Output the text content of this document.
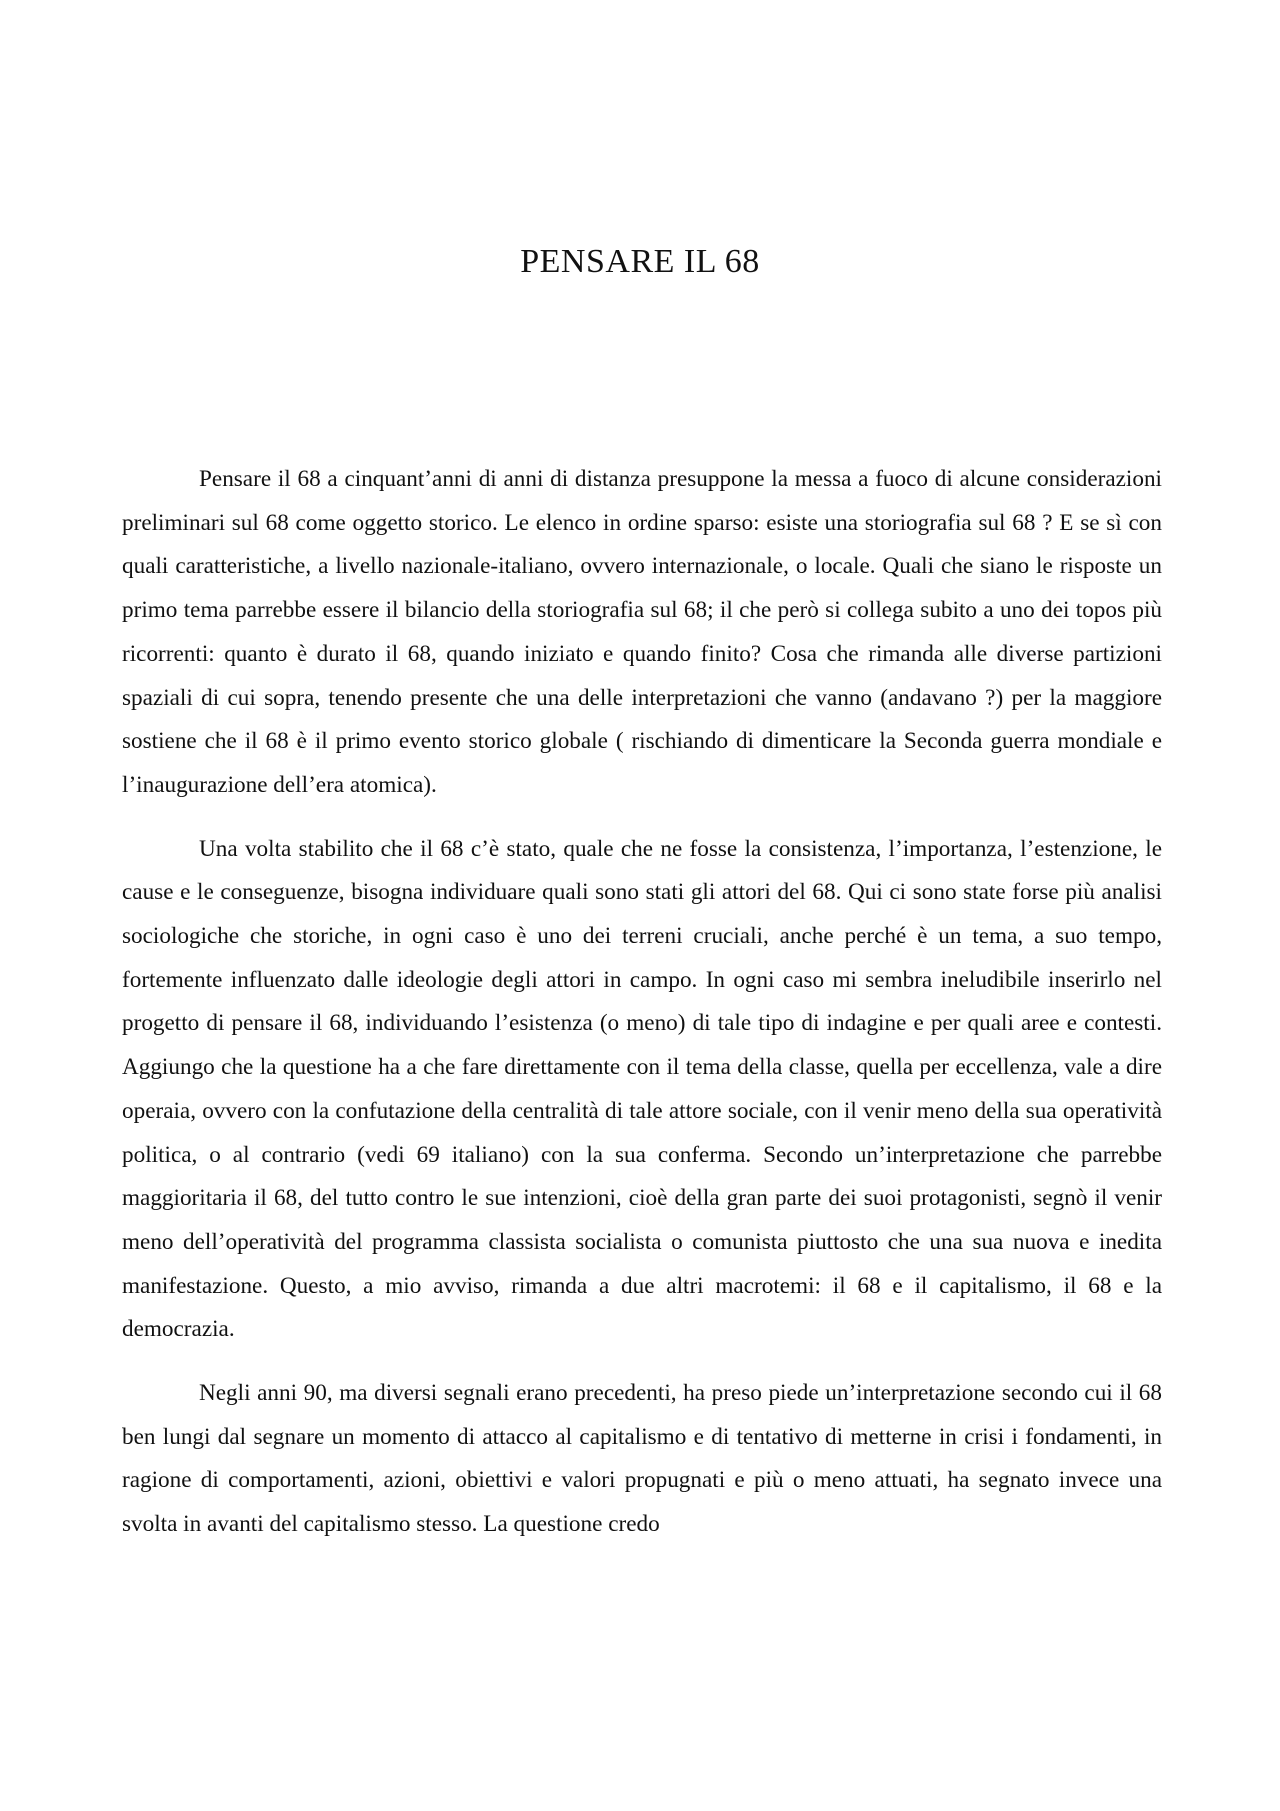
PENSARE IL 68

Pensare il 68 a cinquant’anni di anni di distanza presuppone la messa a fuoco di alcune considerazioni preliminari sul 68 come oggetto storico. Le elenco in ordine sparso: esiste una storiografia sul 68 ? E se sì con quali caratteristiche, a livello nazionale-italiano, ovvero internazionale, o locale. Quali che siano le risposte un primo tema parrebbe essere il bilancio della storiografia sul 68; il che però si collega subito a uno dei topos più ricorrenti: quanto è durato il 68, quando iniziato e quando finito? Cosa che rimanda alle diverse partizioni spaziali di cui sopra, tenendo presente che una delle interpretazioni che vanno (andavano ?) per la maggiore sostiene che il 68 è il primo evento storico globale ( rischiando di dimenticare la Seconda guerra mondiale e l’inaugurazione dell’era atomica).

Una volta stabilito che il 68 c’è stato, quale che ne fosse la consistenza, l’importanza, l’estenzione, le cause e le conseguenze, bisogna individuare quali sono stati gli attori del 68. Qui ci sono state forse più analisi sociologiche che storiche, in ogni caso è uno dei terreni cruciali, anche perché è un tema, a suo tempo, fortemente influenzato dalle ideologie degli attori in campo. In ogni caso mi sembra ineludibile inserirlo nel progetto di pensare il 68, individuando l’esistenza (o meno) di tale tipo di indagine e per quali aree e contesti. Aggiungo che la questione ha a che fare direttamente con il tema della classe, quella per eccellenza, vale a dire operaia, ovvero con la confutazione della centralità di tale attore sociale, con il venir meno della sua operatività politica, o al contrario (vedi 69 italiano) con la sua conferma. Secondo un’interpretazione che parrebbe maggioritaria il 68, del tutto contro le sue intenzioni, cioè della gran parte dei suoi protagonisti, segnò il venir meno dell’operatività del programma classista socialista o comunista piuttosto che una sua nuova e inedita manifestazione. Questo, a mio avviso, rimanda a due altri macrotemi: il 68 e il capitalismo, il 68 e la democrazia.

Negli anni 90, ma diversi segnali erano precedenti, ha preso piede un’interpretazione secondo cui il 68 ben lungi dal segnare un momento di attacco al capitalismo e di tentativo di metterne in crisi i fondamenti, in ragione di comportamenti, azioni, obiettivi e valori propugnati e più o meno attuati, ha segnato invece una svolta in avanti del capitalismo stesso. La questione credo
